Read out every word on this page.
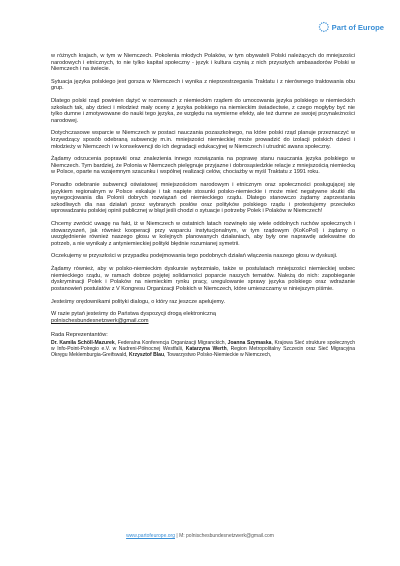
Part of Europe

w różnych krajach, w tym w Niemczech. Pokolenia młodych Polaków, w tym obywateli Polski należących do mniejszości narodowych i etnicznych, to nie tylko kapitał społeczny - język i kultura czynią z nich przyszłych ambasadorów Polski w Niemczech i na świecie.

Sytuacja języka polskiego jest gorsza w Niemczech i wynika z nieprzestrzegania Traktatu i z nierównego traktowania obu grup.

Dlatego polski rząd powinien dążyć w rozmowach z niemieckim rządem do umocowania języka polskiego w niemieckich szkołach tak, aby dzieci i młodzież mały oceny z języka polskiego na niemieckim świadectwie, z czego mogłyby być nie tylko dumne i zmotywowane do nauki tego języka, ze względu na wymierne efekty, ale też dumne ze swojej przynależności narodowej.

Dotychczasowe wsparcie w Niemczech w postaci nauczania pozaszkolnego, na które polski rząd planuje przeznaczyć w krzywdzący sposób odebraną subwencję m.in. mniejszości niemieckiej może prowadzić do izolacji polskich dzieci i młodzieży w Niemczech i w konsekwencji do ich degradacji edukacyjnej w Niemczech i utrudnić awans społeczny.

Żądamy odrzucenia poprawki oraz znalezienia innego rozwiązania na poprawę stanu nauczania języka polskiego w Niemczech. Tym bardziej, że Polonia w Niemczech pielęgnuje przyjazne i dobrosąsiedzkie relacje z mniejszością niemiecką w Polsce, oparte na wzajemnym szacunku i wspólnej realizacji celów, chociażby w myśl Traktatu z 1991 roku.

Ponadto odebranie subwencji oświatowej mniejszościom narodowym i etnicznym oraz społeczności posługującej się językiem regionalnym w Polsce eskaluje i tak napięte stosunki polsko-niemieckie i może mieć negatywne skutki dla wynegocjowania dla Polonii dobrych rozwiązań od niemieckiego rządu. Dlatego stanowczo żądamy zaprzestania szkodliwych dla nas działań przez wybranych posłów oraz polityków polskiego rządu i protestujemy przeciwko wprowadzaniu polskiej opinii publicznej w błąd jeśli chodzi o sytuacje i potrzeby Polek i Polaków w Niemczech!

Chcemy zwrócić uwagę na fakt, iż w Niemczech w ostatnich latach rozwinęło się wiele oddolnych ruchów społecznych i stowarzyszeń, jak również kooperacji przy wsparciu instytucjonalnym, w tym rządowym (KoKoPol) i żądamy o uwzględnienie również naszego głosu w kolejnych planowanych działaniach, aby były one naprawdę adekwatne do potrzeb, a nie wynikały z antyniemieckiej polityki błędnie rozumianej symetrii.

Oczekujemy w przyszłości w przypadku podejmowania tego podobnych działań włączenia naszego głosu w dyskusji.

Żądamy również, aby w polsko-niemieckim dyskursie wybrzmiało, także w postulatach mniejszości niemieckiej wobec niemieckiego rządu, w ramach dobrze pojętej solidarności poparcie naszych tematów. Należą do nich: zapobieganie dyskryminacji Polek i Polaków na niemieckim rynku pracy, uregulowanie sprawy języka polskiego oraz wdrażanie postanowień postulatów z V Kongresu Organizacji Polskich w Niemczech, które umieszczamy w niniejszym piśmie.

Jesteśmy orędownikami polityki dialogu, o który raz jeszcze apelujemy.

W razie pytań jesteśmy do Państwa dyspozycji drogą elektroniczną
polnischesbundesnetzwerk@gmail.com

Rada Reprezentantów:

Dr. Kamila Schöll-Mazurek, Federalna Konferencja Organizacji Migranckich, Joanna Szymaska, Krajowa Sieć strukture społecznych w Info-Point-Polregio e.V. w Nadreni-Północnej Westfalii, Katarzyna Werth, Region Metropolitalny Szczecin oraz Sieć Migracyjna Okręgu Meklemburgia-Greifswald, Krzysztof Blau, Towarzystwo Polsko-Niemieckie w Niemczech,

www.partofeurope.org | M: polnischesbundesnetzwerk@gmail.com
